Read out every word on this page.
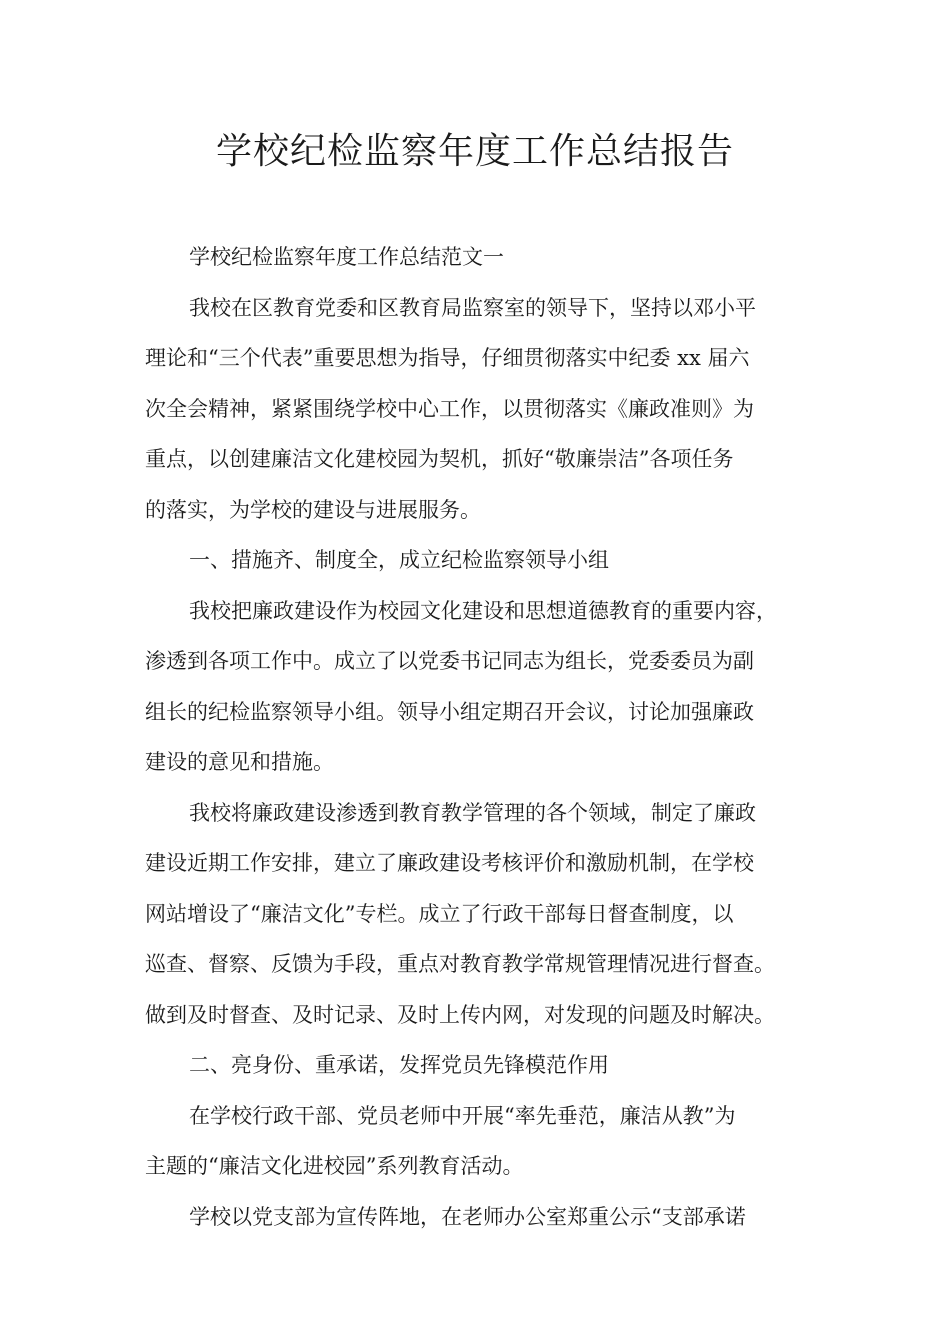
学校纪检监察年度工作总结报告

学校纪检监察年度工作总结范文一

我校在区教育党委和区教育局监察室的领导下，坚持以邓小平

理论和“三个代表”重要思想为指导，仔细贯彻落实中纪委 xx 届六

次全会精神，紧紧围绕学校中心工作，以贯彻落实《廉政准则》为

重点，以创建廉洁文化建校园为契机，抓好“敬廉崇洁”各项任务

的落实，为学校的建设与进展服务。

一、措施齐、制度全，成立纪检监察领导小组

我校把廉政建设作为校园文化建设和思想道德教育的重要内容，

渗透到各项工作中。成立了以党委书记同志为组长，党委委员为副

组长的纪检监察领导小组。领导小组定期召开会议，讨论加强廉政

建设的意见和措施。

我校将廉政建设渗透到教育教学管理的各个领域，制定了廉政

建设近期工作安排，建立了廉政建设考核评价和激励机制，在学校

网站增设了“廉洁文化”专栏。成立了行政干部每日督查制度，以

巡查、督察、反馈为手段，重点对教育教学常规管理情况进行督查。

做到及时督查、及时记录、及时上传内网，对发现的问题及时解决。

二、亮身份、重承诺，发挥党员先锋模范作用

在学校行政干部、党员老师中开展“率先垂范，廉洁从教”为

主题的“廉洁文化进校园”系列教育活动。

学校以党支部为宣传阵地，在老师办公室郑重公示“支部承诺
